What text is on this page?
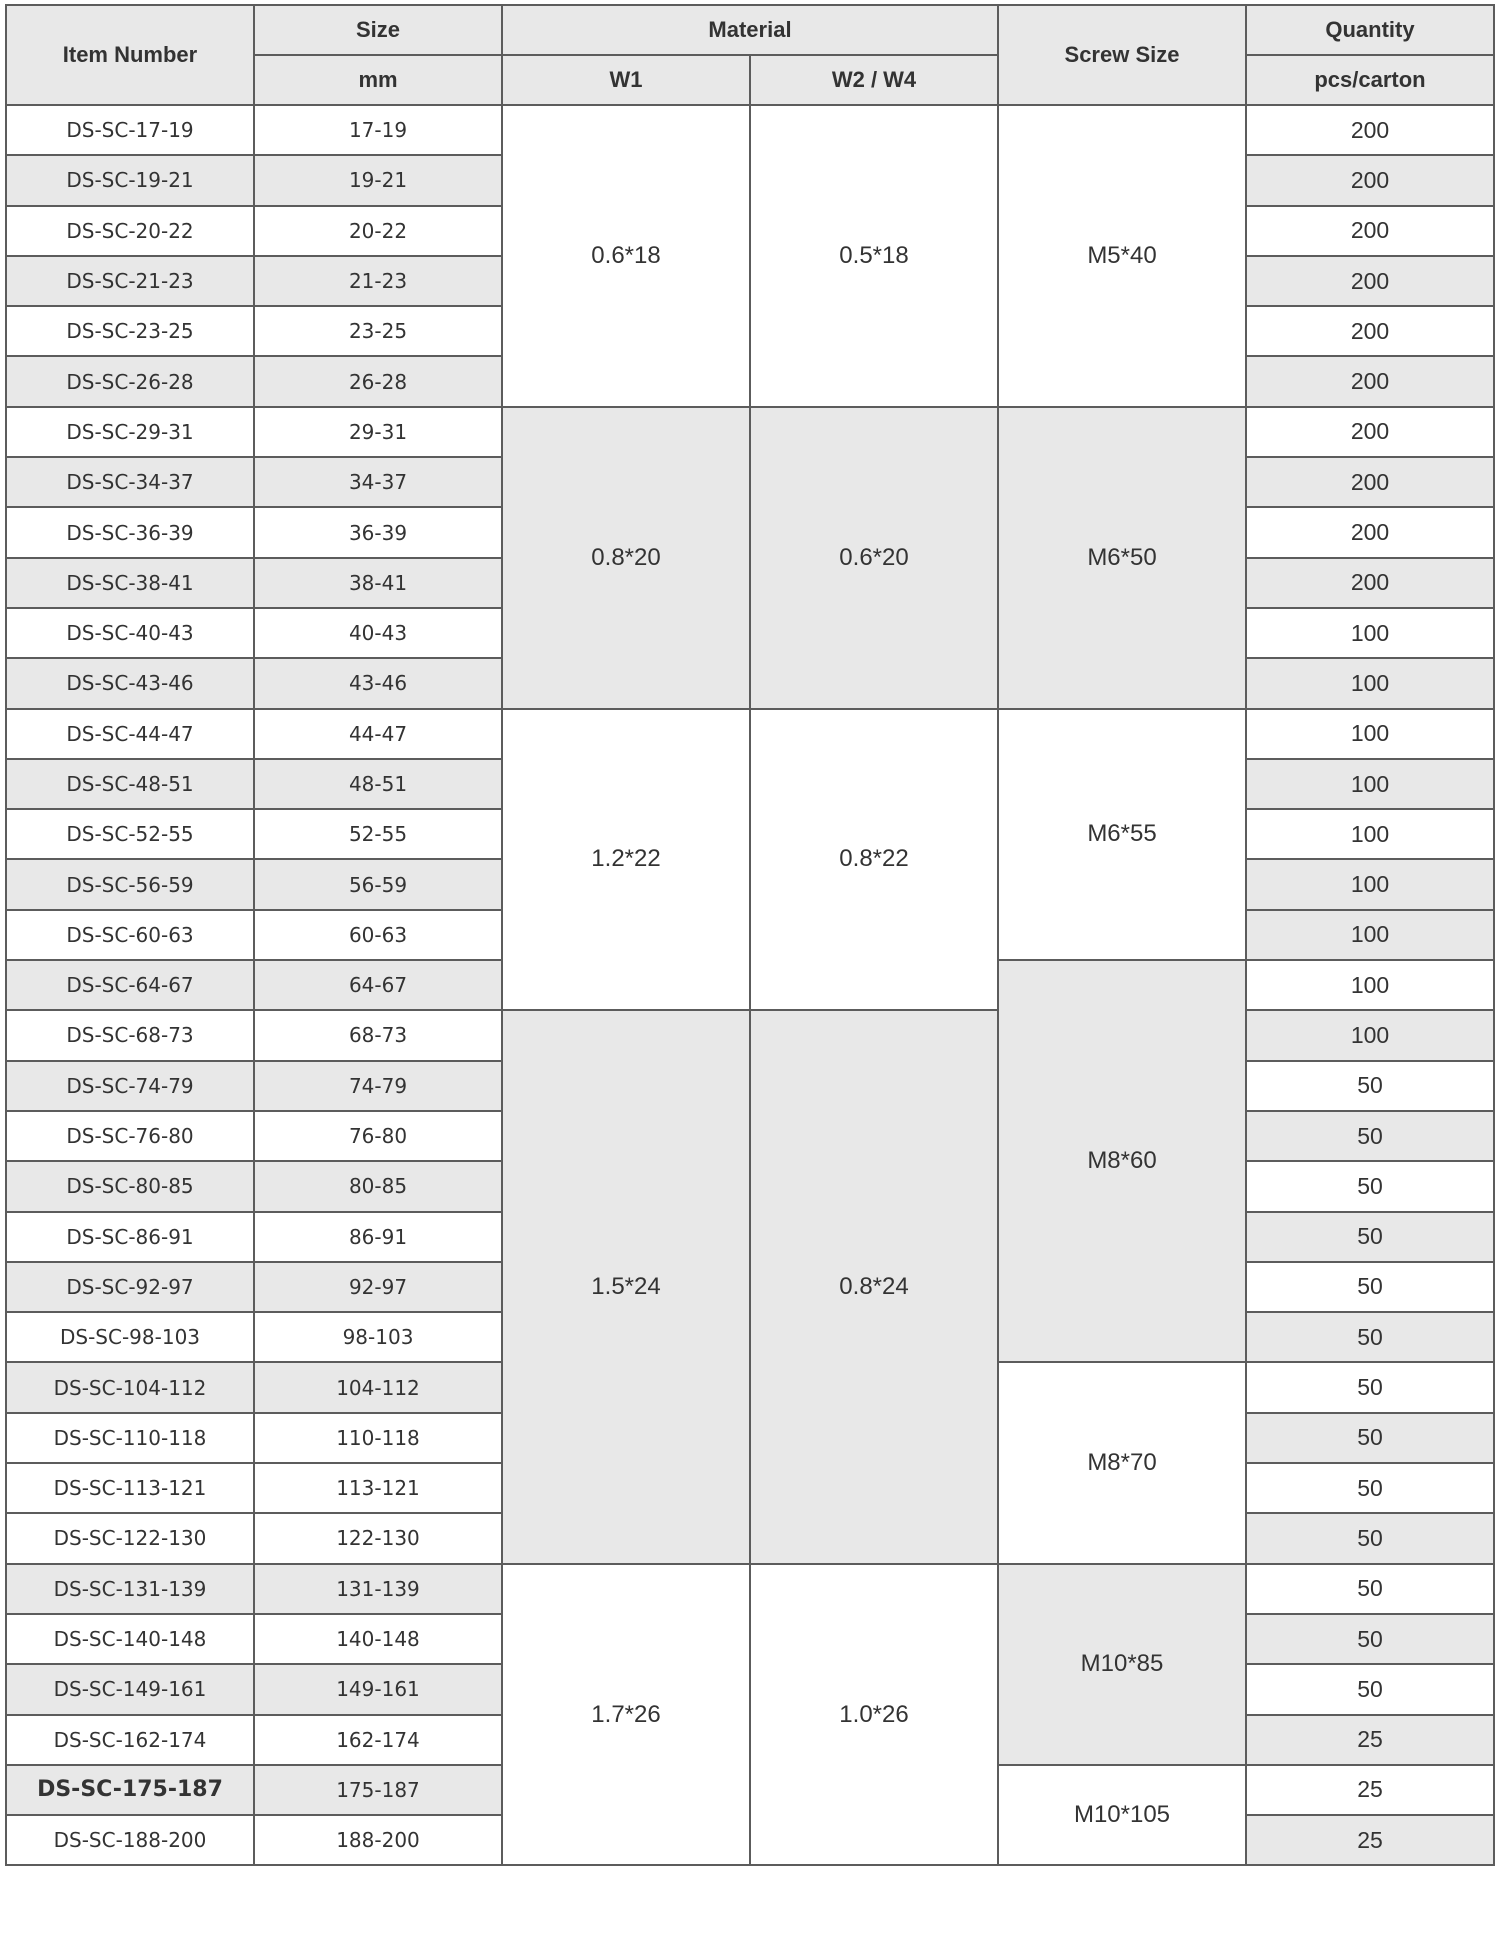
Item Number	Size	Material		Screw Size	Quantity
	mm	W1	W2 / W4		pcs/carton
DS-SC-17-19	17-19	0.6*18	0.5*18	M5*40	200
DS-SC-19-21	19-21				200
DS-SC-20-22	20-22				200
DS-SC-21-23	21-23				200
DS-SC-23-25	23-25				200
DS-SC-26-28	26-28				200
DS-SC-29-31	29-31	0.8*20	0.6*20	M6*50	200
DS-SC-34-37	34-37				200
DS-SC-36-39	36-39				200
DS-SC-38-41	38-41				200
DS-SC-40-43	40-43				100
DS-SC-43-46	43-46				100
DS-SC-44-47	44-47	1.2*22	0.8*22	M6*55	100
DS-SC-48-51	48-51				100
DS-SC-52-55	52-55				100
DS-SC-56-59	56-59				100
DS-SC-60-63	60-63				100
DS-SC-64-67	64-67			M8*60	100
DS-SC-68-73	68-73	1.5*24	0.8*24		100
DS-SC-74-79	74-79				50
DS-SC-76-80	76-80				50
DS-SC-80-85	80-85				50
DS-SC-86-91	86-91				50
DS-SC-92-97	92-97				50
DS-SC-98-103	98-103				50
DS-SC-104-112	104-112			M8*70	50
DS-SC-110-118	110-118				50
DS-SC-113-121	113-121				50
DS-SC-122-130	122-130				50
DS-SC-131-139	131-139	1.7*26	1.0*26	M10*85	50
DS-SC-140-148	140-148				50
DS-SC-149-161	149-161				50
DS-SC-162-174	162-174				25
DS-SC-175-187	175-187			M10*105	25
DS-SC-188-200	188-200				25
